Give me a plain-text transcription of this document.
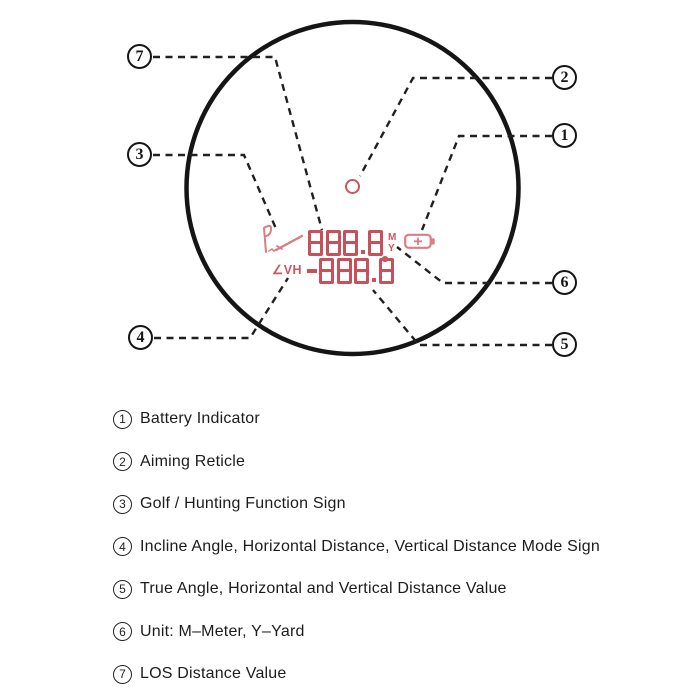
7
3
4
2
1
6
5
M
Y
∠VH
1 Battery Indicator
2 Aiming Reticle
3 Golf / Hunting Function Sign
4 Incline Angle, Horizontal Distance, Vertical Distance Mode Sign
5 True Angle, Horizontal and Vertical Distance Value
6 Unit: M–Meter, Y–Yard
7 LOS Distance Value
